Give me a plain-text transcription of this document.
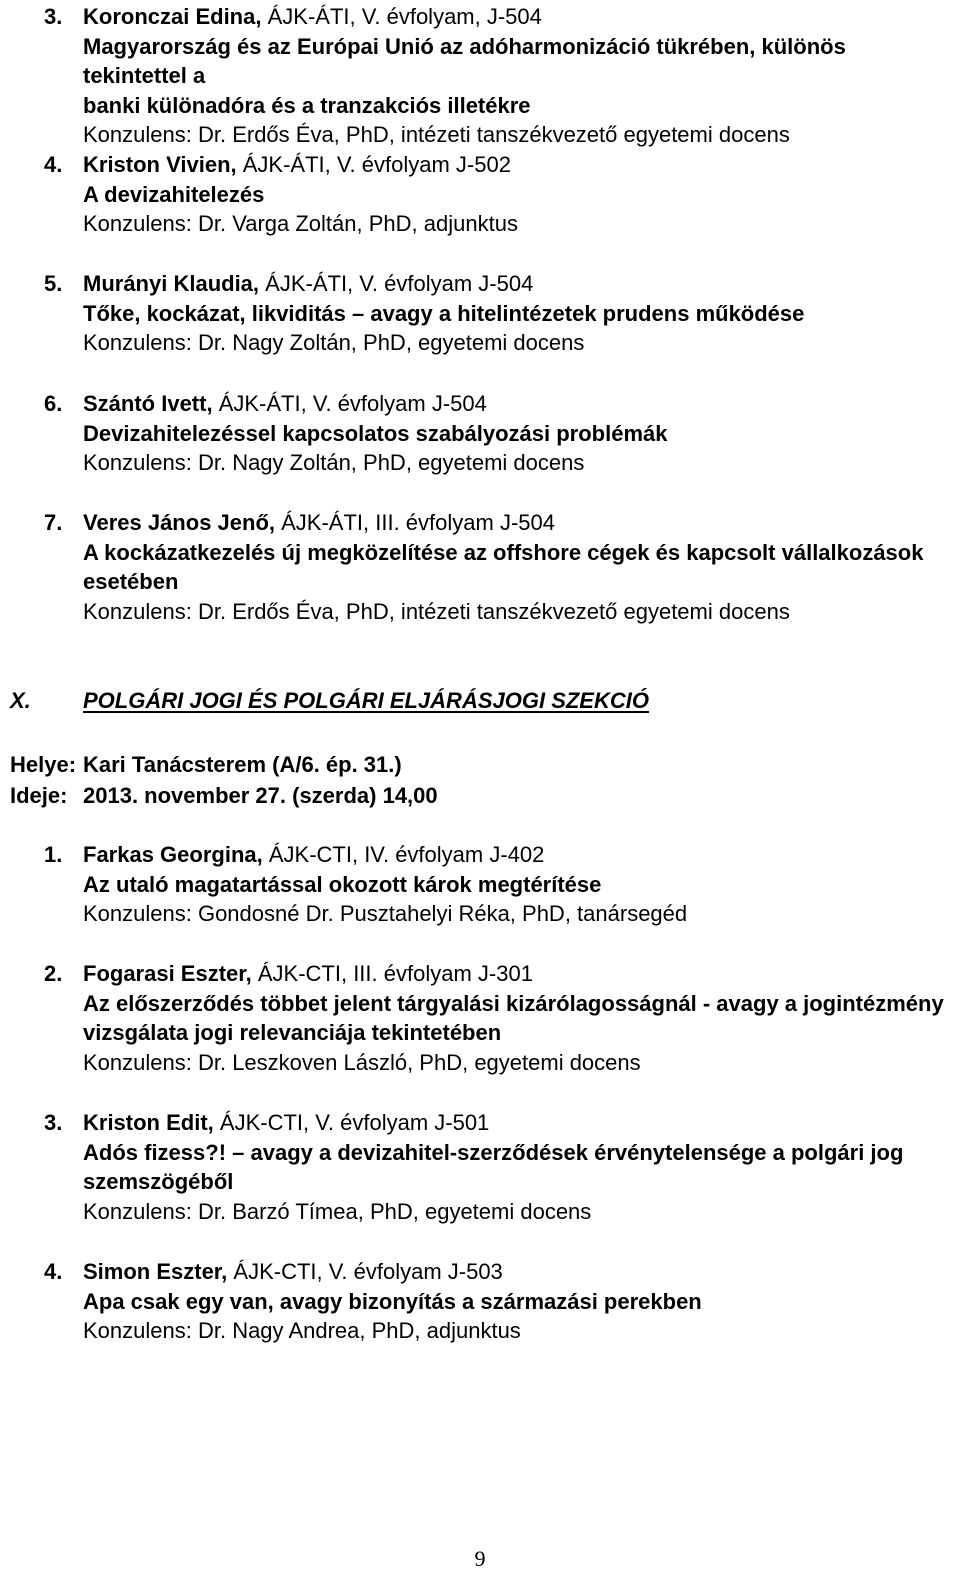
3. Koronczai Edina, ÁJK-ÁTI, V. évfolyam, J-504
Magyarország és az Európai Unió az adóharmonizáció tükrében, különös tekintettel a
banki különadóra és a tranzakciós illetékre
Konzulens: Dr. Erdős Éva, PhD, intézeti tanszékvezető egyetemi docens
4. Kriston Vivien, ÁJK-ÁTI, V. évfolyam J-502
A devizahitelezés
Konzulens: Dr. Varga Zoltán, PhD, adjunktus
5. Murányi Klaudia, ÁJK-ÁTI, V. évfolyam J-504
Tőke, kockázat, likviditás – avagy a hitelintézetek prudens működése
Konzulens: Dr. Nagy Zoltán, PhD, egyetemi docens
6. Szántó Ivett, ÁJK-ÁTI, V. évfolyam J-504
Devizahitelezéssel kapcsolatos szabályozási problémák
Konzulens: Dr. Nagy Zoltán, PhD, egyetemi docens
7. Veres János Jenő, ÁJK-ÁTI, III. évfolyam J-504
A kockázatkezelés új megközelítése az offshore cégek és kapcsolt vállalkozások
esetében
Konzulens: Dr. Erdős Éva, PhD, intézeti tanszékvezető egyetemi docens
X. POLGÁRI JOGI ÉS POLGÁRI ELJÁRÁSJOGI SZEKCIÓ
Helye: Kari Tanácsterem (A/6. ép. 31.)
Ideje: 2013. november 27. (szerda) 14,00
1. Farkas Georgina, ÁJK-CTI, IV. évfolyam J-402
Az utaló magatartással okozott károk megtérítése
Konzulens: Gondosné Dr. Pusztahelyi Réka, PhD, tanársegéd
2. Fogarasi Eszter, ÁJK-CTI, III. évfolyam J-301
Az előszerződés többet jelent tárgyalási kizárólagosságnál - avagy a jogintézmény
vizsgálata jogi relevanciája tekintetében
Konzulens: Dr. Leszkoven László, PhD, egyetemi docens
3. Kriston Edit, ÁJK-CTI, V. évfolyam J-501
Adós fizess?! – avagy a devizahitel-szerződések érvénytelensége a polgári jog
szemszögéből
Konzulens: Dr. Barzó Tímea, PhD, egyetemi docens
4. Simon Eszter, ÁJK-CTI, V. évfolyam J-503
Apa csak egy van, avagy bizonyítás a származási perekben
Konzulens: Dr. Nagy Andrea, PhD, adjunktus
9
